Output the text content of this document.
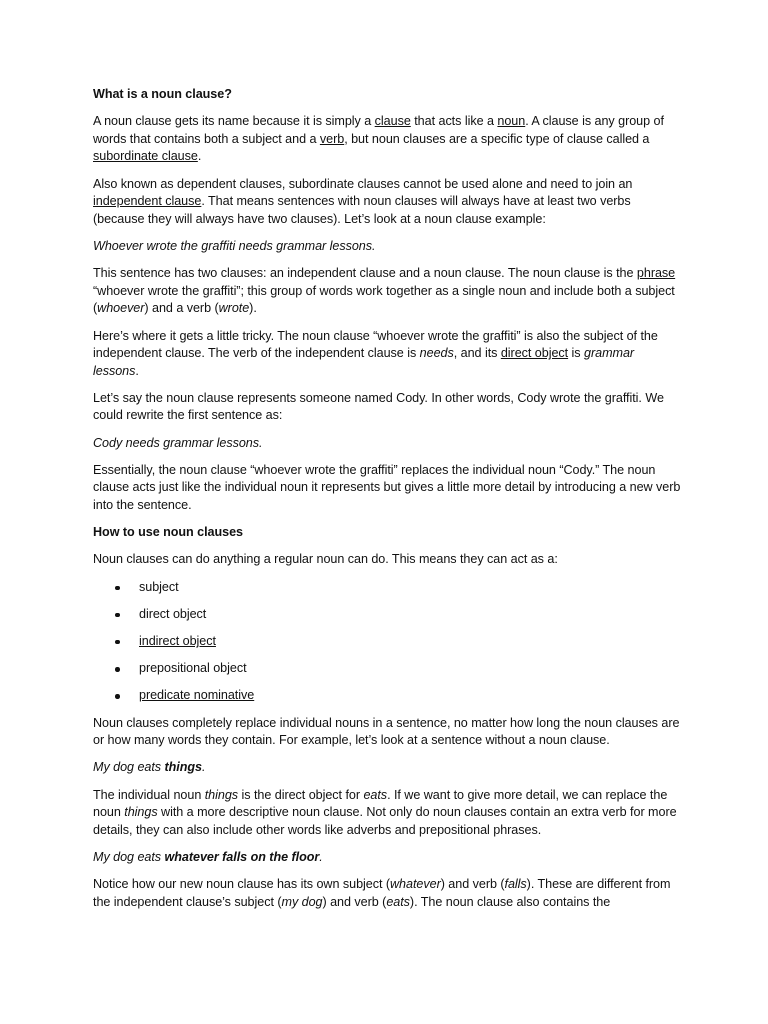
What is a noun clause?

A noun clause gets its name because it is simply a clause that acts like a noun. A clause is any group of words that contains both a subject and a verb, but noun clauses are a specific type of clause called a subordinate clause.

Also known as dependent clauses, subordinate clauses cannot be used alone and need to join an independent clause. That means sentences with noun clauses will always have at least two verbs (because they will always have two clauses). Let’s look at a noun clause example:

Whoever wrote the graffiti needs grammar lessons.

This sentence has two clauses: an independent clause and a noun clause. The noun clause is the phrase “whoever wrote the graffiti”; this group of words work together as a single noun and include both a subject (whoever) and a verb (wrote).

Here’s where it gets a little tricky. The noun clause “whoever wrote the graffiti” is also the subject of the independent clause. The verb of the independent clause is needs, and its direct object is grammar lessons.

Let’s say the noun clause represents someone named Cody. In other words, Cody wrote the graffiti. We could rewrite the first sentence as:

Cody needs grammar lessons.

Essentially, the noun clause “whoever wrote the graffiti” replaces the individual noun “Cody.” The noun clause acts just like the individual noun it represents but gives a little more detail by introducing a new verb into the sentence.

How to use noun clauses

Noun clauses can do anything a regular noun can do. This means they can act as a:

subject
direct object
indirect object
prepositional object
predicate nominative

Noun clauses completely replace individual nouns in a sentence, no matter how long the noun clauses are or how many words they contain. For example, let’s look at a sentence without a noun clause.

My dog eats things.

The individual noun things is the direct object for eats. If we want to give more detail, we can replace the noun things with a more descriptive noun clause. Not only do noun clauses contain an extra verb for more details, they can also include other words like adverbs and prepositional phrases.

My dog eats whatever falls on the floor.

Notice how our new noun clause has its own subject (whatever) and verb (falls). These are different from the independent clause’s subject (my dog) and verb (eats). The noun clause also contains the
